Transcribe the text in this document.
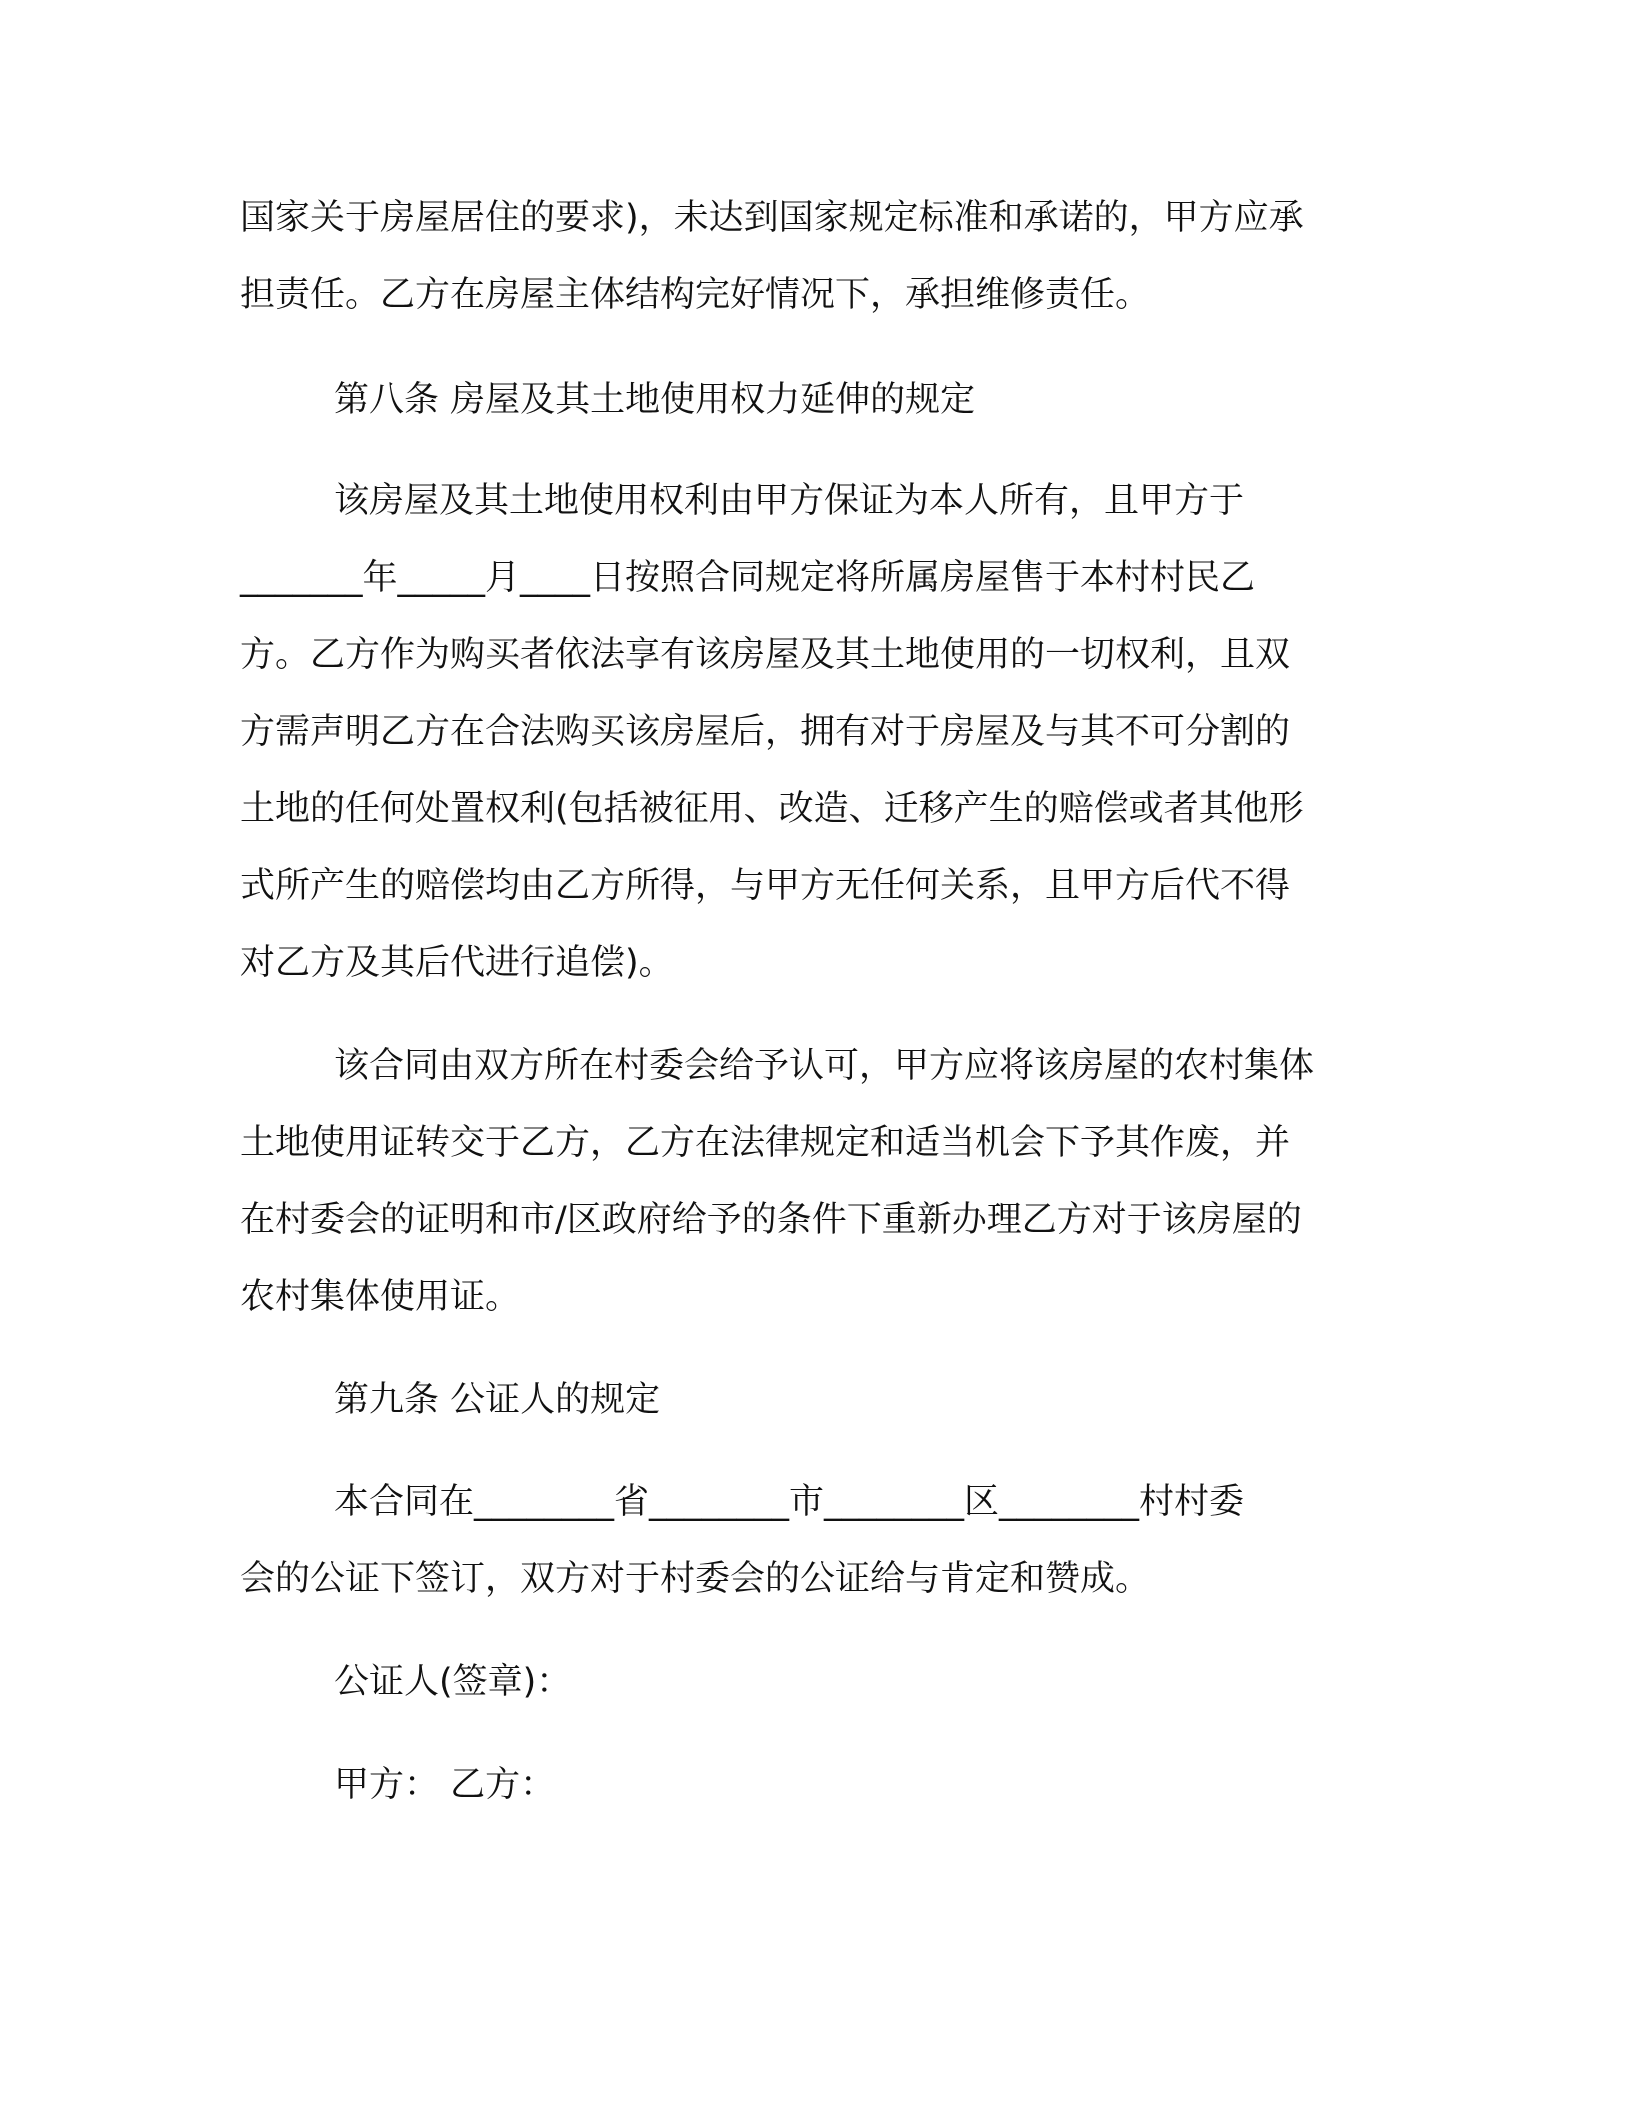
国家关于房屋居住的要求)，未达到国家规定标准和承诺的，甲方应承
担责任。乙方在房屋主体结构完好情况下，承担维修责任。
第八条 房屋及其土地使用权力延伸的规定
该房屋及其土地使用权利由甲方保证为本人所有，且甲方于
_______年_____月____日按照合同规定将所属房屋售于本村村民乙
方。乙方作为购买者依法享有该房屋及其土地使用的一切权利，且双
方需声明乙方在合法购买该房屋后，拥有对于房屋及与其不可分割的
土地的任何处置权利(包括被征用、改造、迁移产生的赔偿或者其他形
式所产生的赔偿均由乙方所得，与甲方无任何关系，且甲方后代不得
对乙方及其后代进行追偿)。
该合同由双方所在村委会给予认可，甲方应将该房屋的农村集体
土地使用证转交于乙方，乙方在法律规定和适当机会下予其作废，并
在村委会的证明和市/区政府给予的条件下重新办理乙方对于该房屋的
农村集体使用证。
第九条 公证人的规定
本合同在________省________市________区________村村委
会的公证下签订，双方对于村委会的公证给与肯定和赞成。
公证人(签章)：
甲方： 乙方：
